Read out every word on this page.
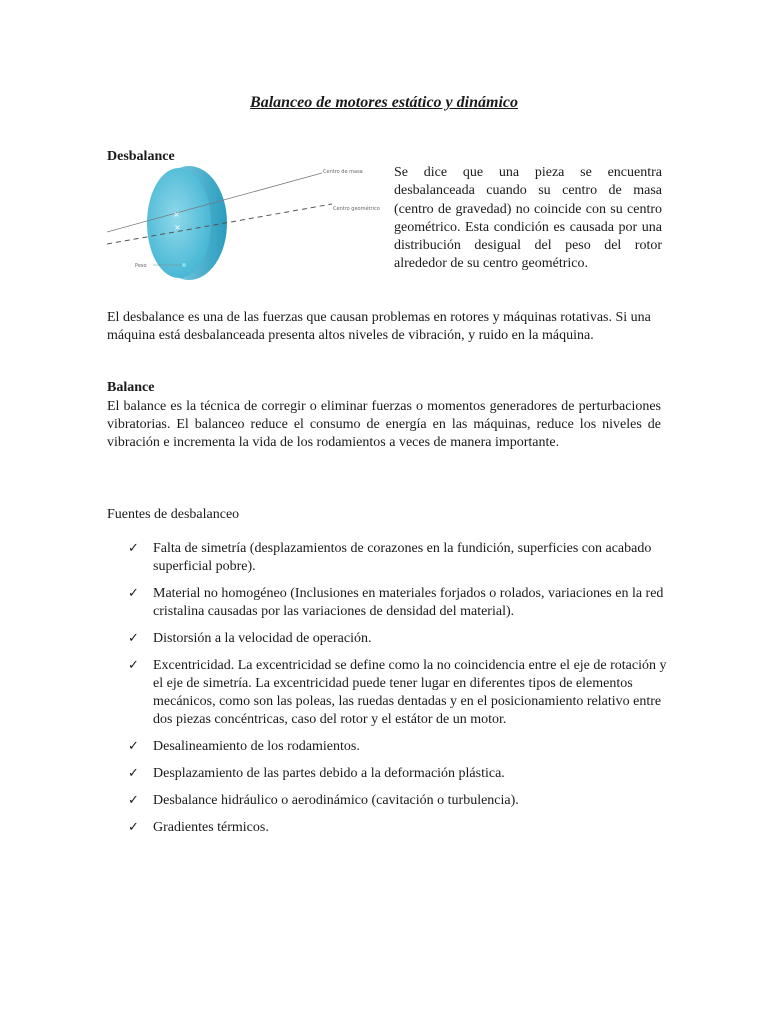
Balanceo de motores estático y dinámico
Desbalance
×
×
Centro de masa
Centro geométrico
Peso
Se dice que una pieza se encuentra desbalanceada cuando su centro de masa (centro de gravedad) no coincide con su centro geométrico. Esta condición es causada por una distribución desigual del peso del rotor alrededor de su centro geométrico.
El desbalance es una de las fuerzas que causan problemas en rotores y máquinas rotativas. Si una máquina está desbalanceada presenta altos niveles de vibración, y ruido en la máquina.
Balance
El balance es la técnica de corregir o eliminar fuerzas o momentos generadores de perturbaciones vibratorias. El balanceo reduce el consumo de energía en las máquinas, reduce los niveles de vibración e incrementa la vida de los rodamientos a veces de manera importante.
Fuentes de desbalanceo
✓ Falta de simetría (desplazamientos de corazones en la fundición, superficies con acabado superficial pobre).
✓ Material no homogéneo (Inclusiones en materiales forjados o rolados, variaciones en la red cristalina causadas por las variaciones de densidad del material).
✓ Distorsión a la velocidad de operación.
✓ Excentricidad. La excentricidad se define como la no coincidencia entre el eje de rotación y el eje de simetría. La excentricidad puede tener lugar en diferentes tipos de elementos mecánicos, como son las poleas, las ruedas dentadas y en el posicionamiento relativo entre dos piezas concéntricas, caso del rotor y el estátor de un motor.
✓ Desalineamiento de los rodamientos.
✓ Desplazamiento de las partes debido a la deformación plástica.
✓ Desbalance hidráulico o aerodinámico (cavitación o turbulencia).
✓ Gradientes térmicos.
